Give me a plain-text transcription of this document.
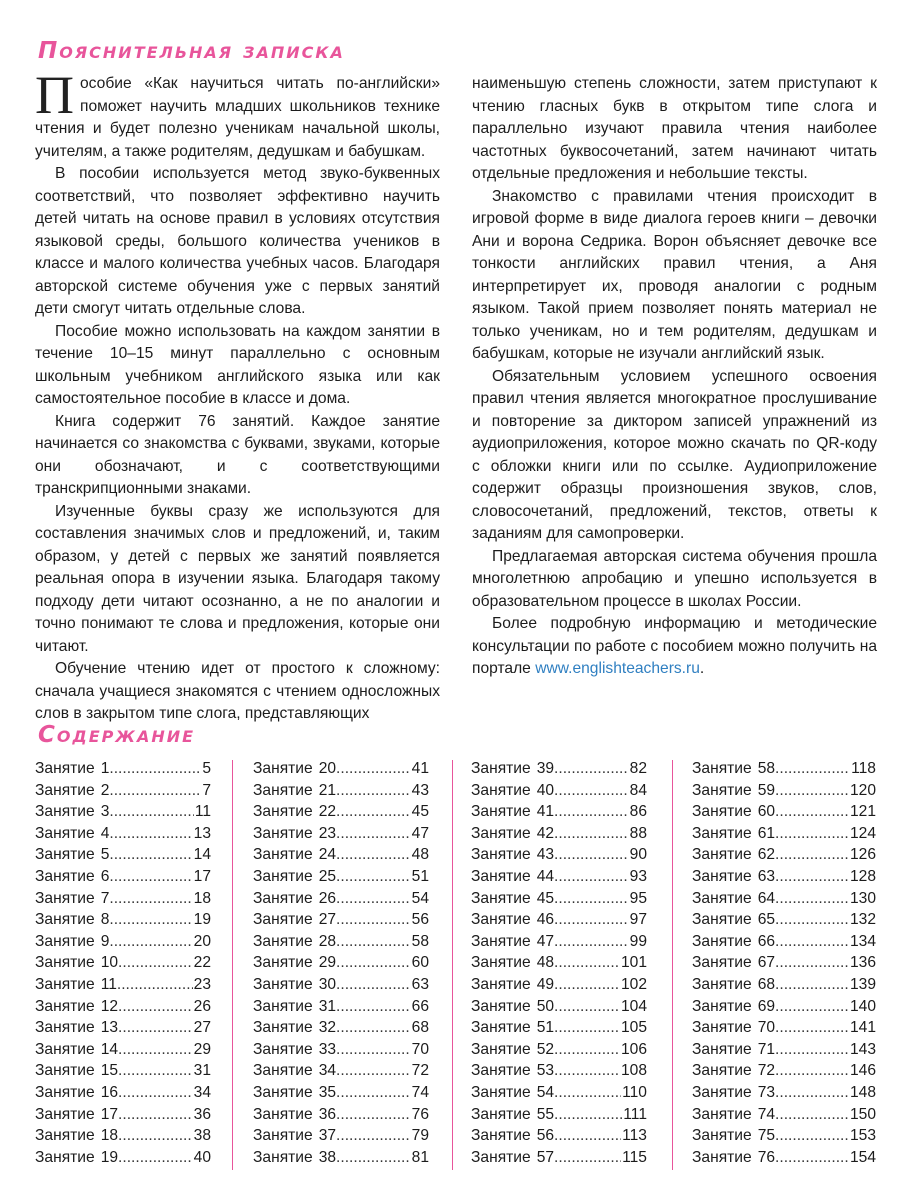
Пояснительная записка

Пособие «Как научиться читать по-английски» поможет научить младших школьников технике чтения и будет полезно ученикам начальной школы, учителям, а также родителям, дедушкам и бабушкам.

В пособии используется метод звуко-буквенных соответствий, что позволяет эффективно научить детей читать на основе правил в условиях отсутствия языковой среды, большого количества учеников в классе и малого количества учебных часов. Благодаря авторской системе обучения уже с первых занятий дети смогут читать отдельные слова.

Пособие можно использовать на каждом занятии в течение 10–15 минут параллельно с основным школьным учебником английского языка или как самостоятельное пособие в классе и дома.

Книга содержит 76 занятий. Каждое занятие начинается со знакомства с буквами, звуками, которые они обозначают, и с соответствующими транскрипционными знаками.

Изученные буквы сразу же используются для составления значимых слов и предложений, и, таким образом, у детей с первых же занятий появляется реальная опора в изучении языка. Благодаря такому подходу дети читают осознанно, а не по аналогии и точно понимают те слова и предложения, которые они читают.

Обучение чтению идет от простого к сложному: сначала учащиеся знакомятся с чтением односложных слов в закрытом типе слога, представляющих

наименьшую степень сложности, затем приступают к чтению гласных букв в открытом типе слога и параллельно изучают правила чтения наиболее частотных буквосочетаний, затем начинают читать отдельные предложения и небольшие тексты.

Знакомство с правилами чтения происходит в игровой форме в виде диалога героев книги – девочки Ани и ворона Седрика. Ворон объясняет девочке все тонкости английских правил чтения, а Аня интерпретирует их, проводя аналогии с родным языком. Такой прием позволяет понять материал не только ученикам, но и тем родителям, дедушкам и бабушкам, которые не изучали английский язык.

Обязательным условием успешного освоения правил чтения является многократное прослушивание и повторение за диктором записей упражнений из аудиоприложения, которое можно скачать по QR-коду с обложки книги или по ссылке. Аудиоприложение содержит образцы произношения звуков, слов, словосочетаний, предложений, текстов, ответы к заданиям для самопроверки.

Предлагаемая авторская система обучения прошла многолетнюю апробацию и упешно используется в образовательном процессе в школах России.

Более подробную информацию и методические консультации по работе с пособием можно получить на портале www.englishteachers.ru.

Содержание
Занятие 1 .....	5
Занятие 2 .....	7
Занятие 3 .....	11
Занятие 4 .....	13
Занятие 5 .....	14
Занятие 6 .....	17
Занятие 7 .....	18
Занятие 8 .....	19
Занятие 9 .....	20
Занятие 10 .....	22
Занятие 11 .....	23
Занятие 12 .....	26
Занятие 13 .....	27
Занятие 14 .....	29
Занятие 15 .....	31
Занятие 16 .....	34
Занятие 17 .....	36
Занятие 18 .....	38
Занятие 19 .....	40
Занятие 20 .....	41
Занятие 21 .....	43
Занятие 22 .....	45
Занятие 23 .....	47
Занятие 24 .....	48
Занятие 25 .....	51
Занятие 26 .....	54
Занятие 27 .....	56
Занятие 28 .....	58
Занятие 29 .....	60
Занятие 30 .....	63
Занятие 31 .....	66
Занятие 32 .....	68
Занятие 33 .....	70
Занятие 34 .....	72
Занятие 35 .....	74
Занятие 36 .....	76
Занятие 37 .....	79
Занятие 38 .....	81
Занятие 39 .....	82
Занятие 40 .....	84
Занятие 41 .....	86
Занятие 42 .....	88
Занятие 43 .....	90
Занятие 44 .....	93
Занятие 45 .....	95
Занятие 46 .....	97
Занятие 47 .....	99
Занятие 48 .....	101
Занятие 49 .....	102
Занятие 50 .....	104
Занятие 51 .....	105
Занятие 52 .....	106
Занятие 53 .....	108
Занятие 54 .....	110
Занятие 55 .....	111
Занятие 56 .....	113
Занятие 57 .....	115
Занятие 58 .....	118
Занятие 59 .....	120
Занятие 60 .....	121
Занятие 61 .....	124
Занятие 62 .....	126
Занятие 63 .....	128
Занятие 64 .....	130
Занятие 65 .....	132
Занятие 66 .....	134
Занятие 67 .....	136
Занятие 68 .....	139
Занятие 69 .....	140
Занятие 70 .....	141
Занятие 71 .....	143
Занятие 72 .....	146
Занятие 73 .....	148
Занятие 74 .....	150
Занятие 75 .....	153
Занятие 76 .....	154
